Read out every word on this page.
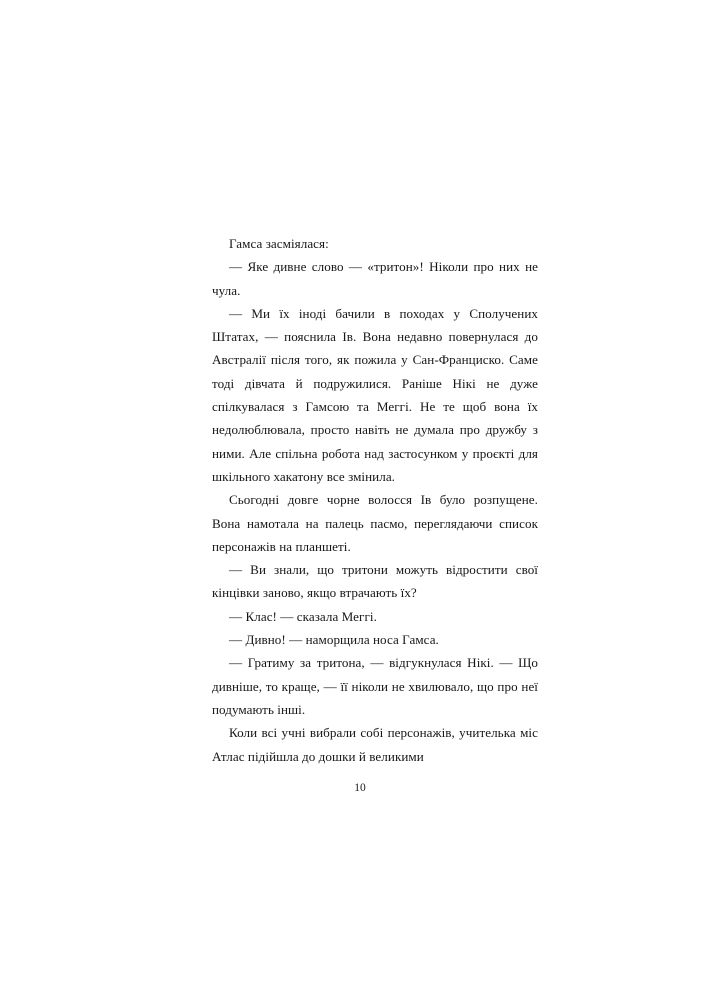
Гамса засміялася:

— Яке дивне слово — «тритон»! Ніколи про них не чула.

— Ми їх іноді бачили в походах у Сполучених Штатах, — пояснила Ів. Вона недавно повернулася до Австралії після того, як пожила у Сан-Франциско. Саме тоді дівчата й подружилися. Раніше Нікі не дуже спілкувалася з Гамсою та Меггі. Не те щоб вона їх недолюблювала, просто навіть не думала про дружбу з ними. Але спільна робота над застосунком у проєкті для шкільного хакатону все змінила.

Сьогодні довге чорне волосся Ів було розпущене. Вона намотала на палець пасмо, переглядаючи список персонажів на планшеті.

— Ви знали, що тритони можуть відростити свої кінцівки заново, якщо втрачають їх?

— Клас! — сказала Меггі.

— Дивно! — наморщила носа Гамса.

— Гратиму за тритона, — відгукнулася Нікі. — Що дивніше, то краще, — її ніколи не хвилювало, що про неї подумають інші.

Коли всі учні вибрали собі персонажів, учителька міс Атлас підійшла до дошки й великими

10
